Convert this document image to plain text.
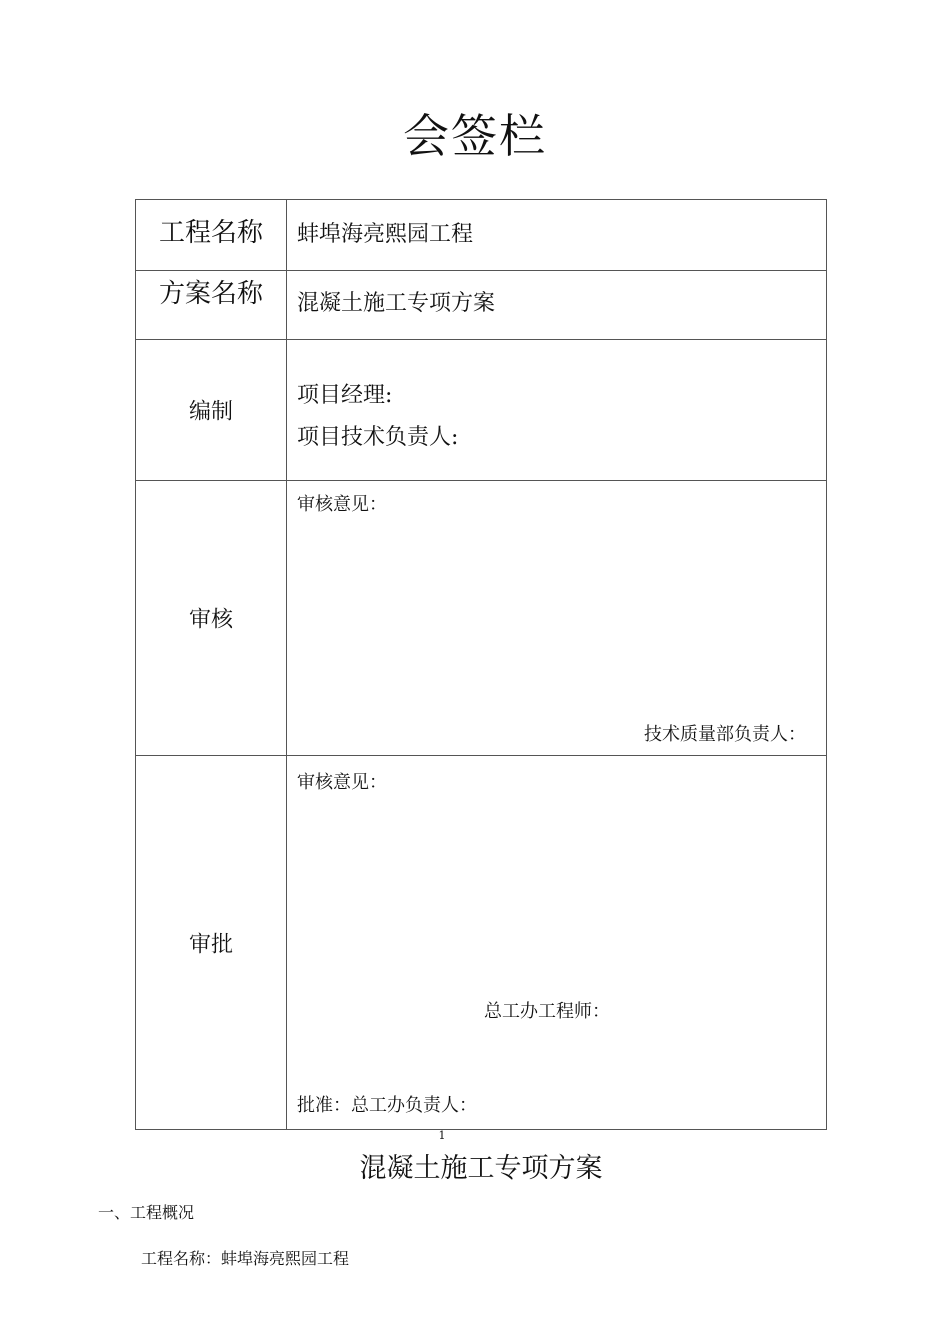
会签栏
工程名称	蚌埠海亮熙园工程

方案名称	混凝土施工专项方案

编制	项目经理:
项目技术负责人:

审核	审核意见：
技术质量部负责人：

审批	审核意见：
总工办工程师：
批准：总工办负责人：
1
混凝土施工专项方案
一、工程概况
工程名称：蚌埠海亮熙园工程
